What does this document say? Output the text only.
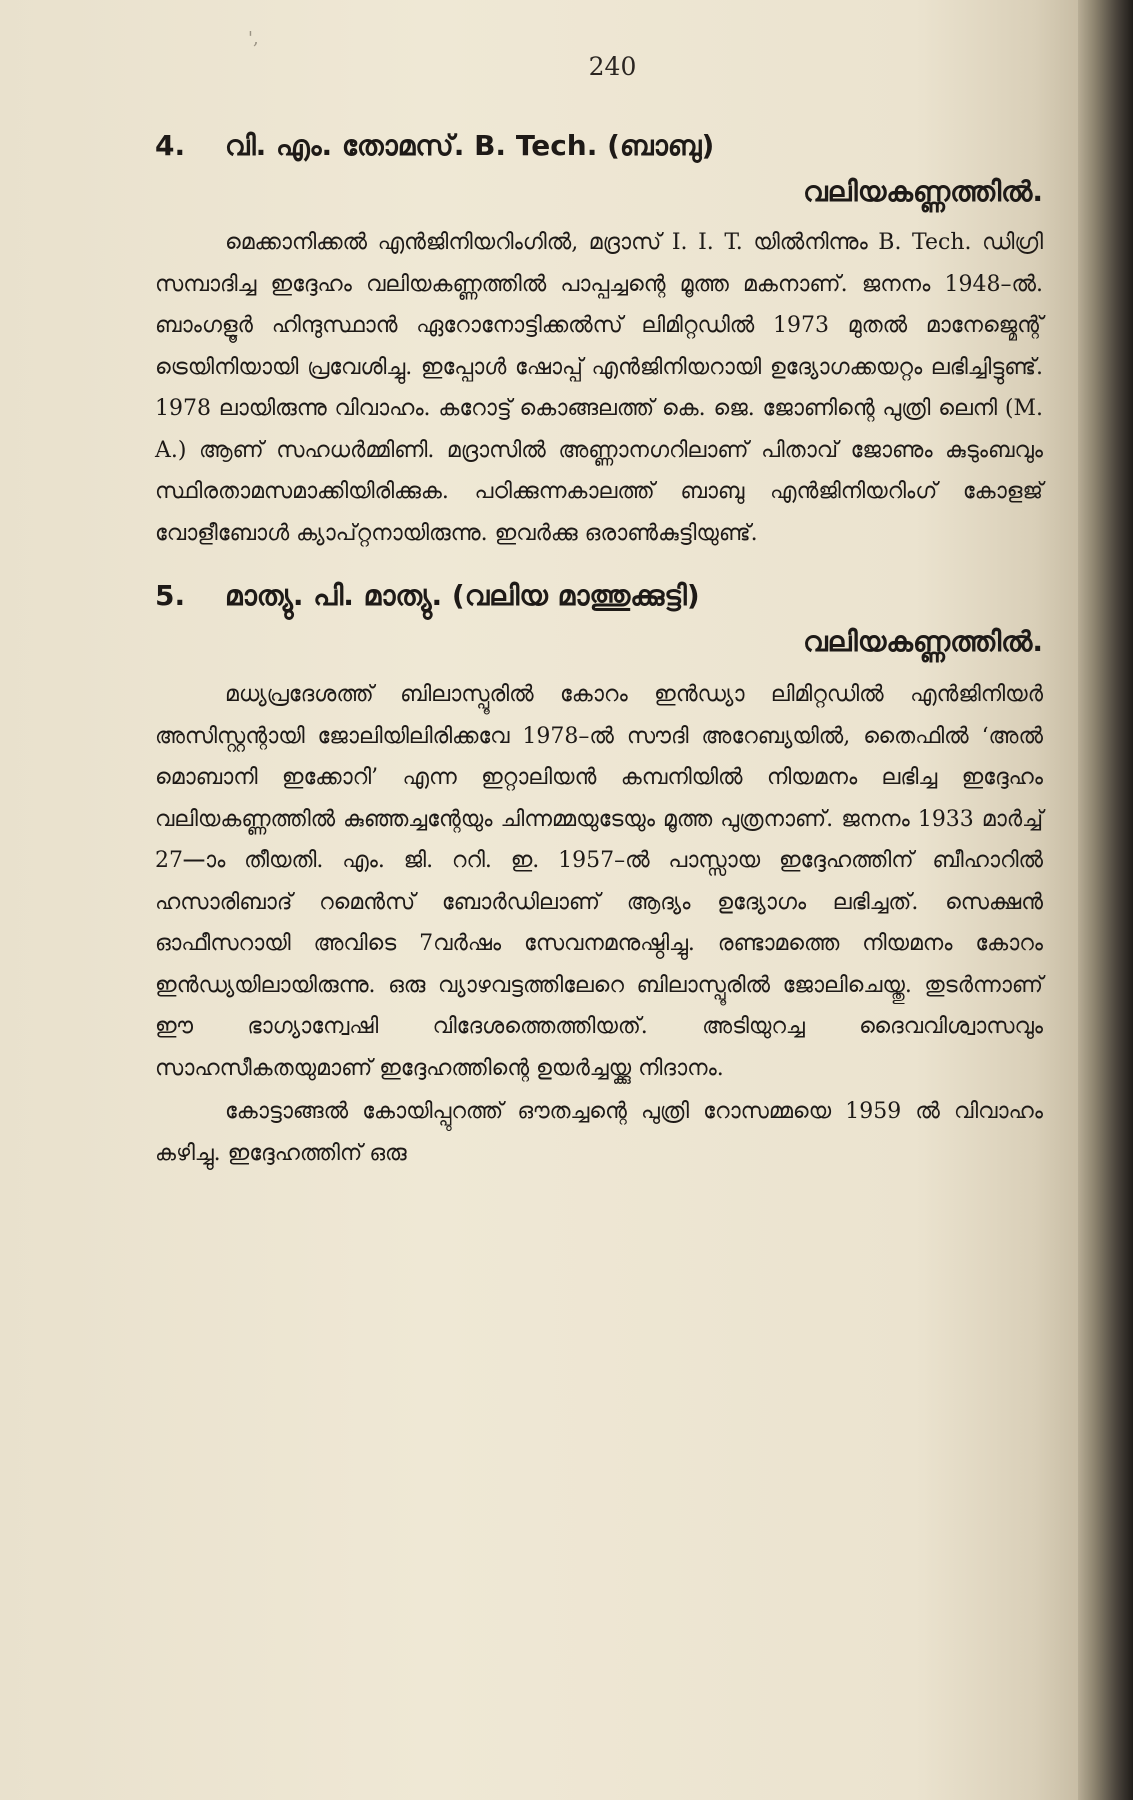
',
240
4.	വി. എം. തോമസ്. B. Tech. (ബാബു)
വലിയകണ്ണത്തിൽ.

മെക്കാനിക്കൽ എൻജിനിയറിംഗിൽ, മദ്രാസ് I. I. T. യിൽനിന്നും B. Tech. ഡിഗ്രി സമ്പാദിച്ച ഇദ്ദേഹം വലിയകണ്ണത്തിൽ പാപ്പച്ചന്റെ മൂത്ത മകനാണ്. ജനനം 1948–ൽ. ബാംഗളൂർ ഹിന്ദുസ്ഥാൻ ഏറോനോട്ടിക്കൽസ് ലിമിറ്റഡിൽ 1973 മുതൽ മാനേജ്മെന്റ് ട്രെയിനിയായി പ്രവേശിച്ചു. ഇപ്പോൾ ഷോപ്പ് എൻജിനിയറായി ഉദ്യോഗക്കയറ്റം ലഭിച്ചിട്ടുണ്ട്. 1978 ലായിരുന്നു വിവാഹം. കറോട്ട് കൊങ്ങലത്ത് കെ. ജെ. ജോണിന്റെ പുത്രി ലെനി (M. A.) ആണ് സഹധർമ്മിണി. മദ്രാസിൽ അണ്ണാനഗറിലാണ് പിതാവ് ജോണും കുടുംബവും സ്ഥിരതാമസമാക്കിയിരിക്കുക. പഠിക്കുന്നകാലത്ത് ബാബു എൻജിനിയറിംഗ് കോളജ് വോളീബോൾ ക്യാപ്റ്റനായിരുന്നു. ഇവർക്കു ഒരാൺകുട്ടിയുണ്ട്.

5.	മാത്യു. പി. മാത്യു. (വലിയ മാത്തുക്കുട്ടി)
വലിയകണ്ണത്തിൽ.

മധ്യപ്രദേശത്ത് ബിലാസ്പൂരിൽ കോറം ഇൻഡ്യാ ലിമിറ്റഡിൽ എൻജിനിയർ അസിസ്റ്റന്റായി ജോലിയിലിരിക്കവേ 1978–ൽ സൗദി അറേബ്യയിൽ, തൈഫിൽ ‘അൽ മൊബാനി ഇക്കോറി’ എന്ന ഇറ്റാലിയൻ കമ്പനിയിൽ നിയമനം ലഭിച്ച ഇദ്ദേഹം വലിയകണ്ണത്തിൽ കുഞ്ഞച്ചന്റേയും ചിന്നമ്മയുടേയും മൂത്ത പുത്രനാണ്. ജനനം 1933 മാർച്ച് 27—ാം തീയതി. എം. ജി. ററി. ഇ. 1957–ൽ പാസ്സായ ഇദ്ദേഹത്തിന് ബീഹാറിൽ ഹസാരിബാദ് റമെൻസ് ബോർഡിലാണ് ആദ്യം ഉദ്യോഗം ലഭിച്ചത്. സെക്ഷൻ ഓഫീസറായി അവിടെ 7വർഷം സേവനമനുഷ്ഠിച്ചു. രണ്ടാമത്തെ നിയമനം കോറം ഇൻഡ്യയിലായിരുന്നു. ഒരു വ്യാഴവട്ടത്തിലേറെ ബിലാസ്പൂരിൽ ജോലിചെയ്തു. തുടർന്നാണ് ഈ ഭാഗ്യാന്വേഷി വിദേശത്തെത്തിയത്. അടിയുറച്ച ദൈവവിശ്വാസവും സാഹസീകതയുമാണ് ഇദ്ദേഹത്തിന്റെ ഉയർച്ചയ്ക്കു നിദാനം.

കോട്ടാങ്ങൽ കോയിപ്പുറത്ത് ഔതച്ചന്റെ പുത്രി റോസമ്മയെ 1959 ൽ വിവാഹം കഴിച്ചു. ഇദ്ദേഹത്തിന് ഒരു
